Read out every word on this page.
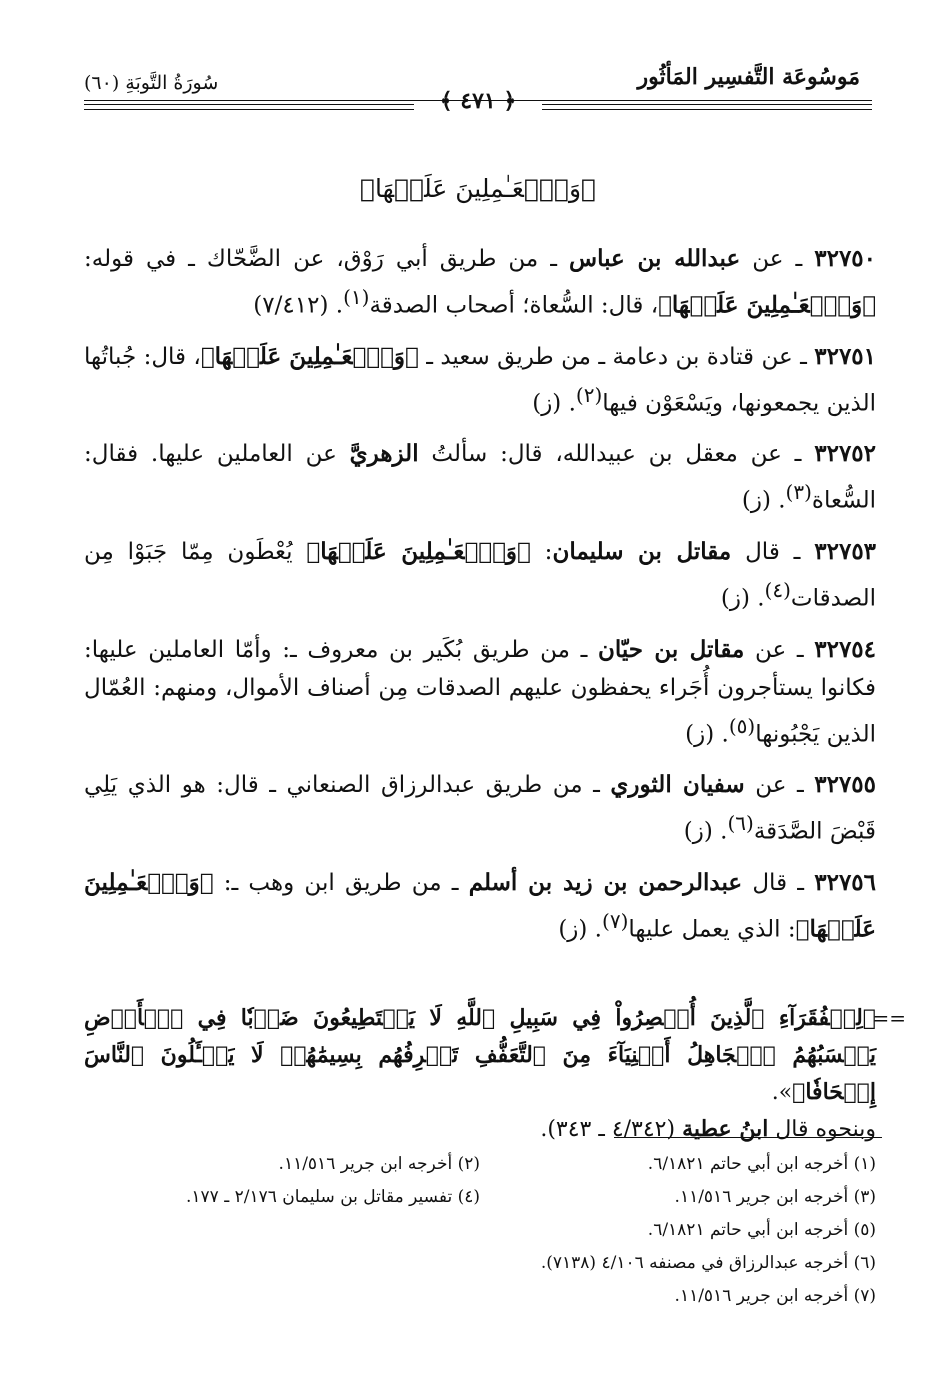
مَوسُوعَة التَّفسِير المَأثُور
سُورَةُ التَّوبَةِ (٦٠)
﴿ ٤٧١ ﴾
﴿وَٱلۡعَـٰمِلِينَ عَلَيۡهَا﴾

٣٢٧٥٠ ـ عن عبدالله بن عباس ـ من طريق أبي رَوْق، عن الضَّحّاك ـ في قوله: ﴿وَٱلۡعَـٰمِلِينَ عَلَيۡهَا﴾، قال: السُّعاة؛ أصحاب الصدقة$^{(١)}$. (٧/٤١٢)

٣٢٧٥١ ـ عن قتادة بن دعامة ـ من طريق سعيد ـ ﴿وَٱلۡعَـٰمِلِينَ عَلَيۡهَا﴾، قال: جُباتُها الذين يجمعونها، ويَسْعَوْن فيها$^{(٢)}$. (ز)

٣٢٧٥٢ ـ عن معقل بن عبيدالله، قال: سألتُ الزهريَّ عن العاملين عليها. فقال: السُّعاة$^{(٣)}$. (ز)

٣٢٧٥٣ ـ قال مقاتل بن سليمان: ﴿وَٱلۡعَـٰمِلِينَ عَلَيۡهَا﴾ يُعْطَون مِمّا جَبَوْا مِن الصدقات$^{(٤)}$. (ز)

٣٢٧٥٤ ـ عن مقاتل بن حيّان ـ من طريق بُكَير بن معروف ـ: وأمّا العاملين عليها: فكانوا يستأجرون أُجَراء يحفظون عليهم الصدقات مِن أصناف الأموال، ومنهم: العُمّال الذين يَجْبُونها$^{(٥)}$. (ز)

٣٢٧٥٥ ـ عن سفيان الثوري ـ من طريق عبدالرزاق الصنعاني ـ قال: هو الذي يَلِي قَبْضَ الصَّدَقة$^{(٦)}$. (ز)

٣٢٧٥٦ ـ قال عبدالرحمن بن زيد بن أسلم ـ من طريق ابن وهب ـ: ﴿وَٱلۡعَـٰمِلِينَ عَلَيۡهَا﴾: الذي يعمل عليها$^{(٧)}$. (ز)

==
﴿لِلۡفُقَرَآءِ ٱلَّذِينَ أُحۡصِرُواْ فِي سَبِيلِ ٱللَّهِ لَا يَسۡتَطِيعُونَ ضَرۡبٗا فِي ٱلۡأَرۡضِ يَحۡسَبُهُمُ ٱلۡجَاهِلُ أَغۡنِيَآءَ مِنَ ٱلتَّعَفُّفِ تَعۡرِفُهُم بِسِيمَٰهُمۡ لَا يَسۡـَٔلُونَ ٱلنَّاسَ إِلۡحَافٗا﴾».
وبنحوه قال ابنُ عطية (٤/٣٤٢ ـ ٣٤٣).
(١) أخرجه ابن أبي حاتم ٦/١٨٢١.
(٢) أخرجه ابن جرير ١١/٥١٦.
(٣) أخرجه ابن جرير ١١/٥١٦.
(٤) تفسير مقاتل بن سليمان ٢/١٧٦ ـ ١٧٧.
(٥) أخرجه ابن أبي حاتم ٦/١٨٢١.
(٦) أخرجه عبدالرزاق في مصنفه ٤/١٠٦ (٧١٣٨).
(٧) أخرجه ابن جرير ١١/٥١٦.
